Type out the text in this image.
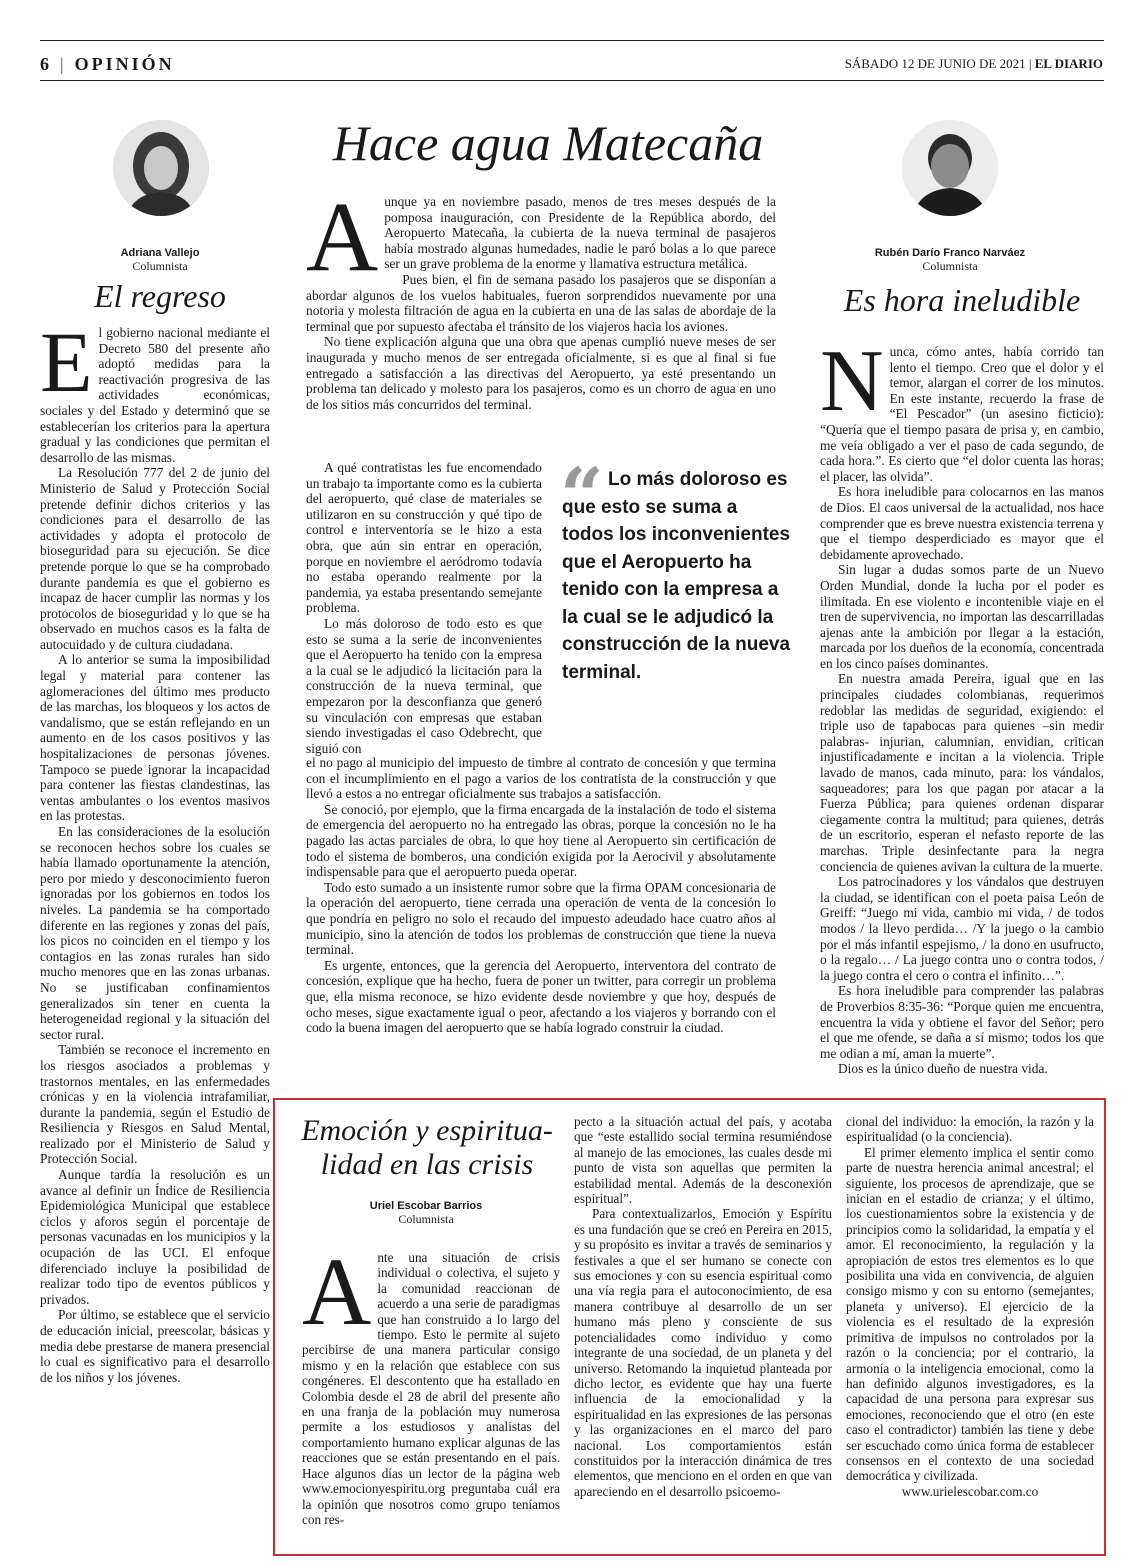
6 | OPINIÓN	SÁBADO 12 DE JUNIO DE 2021 | EL DIARIO
Adriana Vallejo
Columnista
El regreso

El gobierno nacional mediante el Decreto 580 del presente año adoptó medidas para la reactivación progresiva de las actividades económicas, sociales y del Estado y determinó que se establecerían los criterios para la apertura gradual y las condiciones que permitan el desarrollo de las mismas.

La Resolución 777 del 2 de junio del Ministerio de Salud y Protección Social pretende definir dichos criterios y las condiciones para el desarrollo de las actividades y adopta el protocolo de bioseguridad para su ejecución. Se dice pretende porque lo que se ha comprobado durante pandemia es que el gobierno es incapaz de hacer cumplir las normas y los protocolos de bioseguridad y lo que se ha observado en muchos casos es la falta de autocuidado y de cultura ciudadana.

A lo anterior se suma la imposibilidad legal y material para contener las aglomeraciones del último mes producto de las marchas, los bloqueos y los actos de vandalismo, que se están reflejando en un aumento en de los casos positivos y las hospitalizaciones de personas jóvenes. Tampoco se puede ignorar la incapacidad para contener las fiestas clandestinas, las ventas ambulantes o los eventos masivos en las protestas.

En las consideraciones de la esolución se reconocen hechos sobre los cuales se había llamado oportunamente la atención, pero por miedo y desconocimiento fueron ignoradas por los gobiernos en todos los niveles. La pandemia se ha comportado diferente en las regiones y zonas del país, los picos no coinciden en el tiempo y los contagios en las zonas rurales han sido mucho menores que en las zonas urbanas. No se justificaban confinamientos generalizados sin tener en cuenta la heterogeneidad regional y la situación del sector rural.

También se reconoce el incremento en los riesgos asociados a problemas y trastornos mentales, en las enfermedades crónicas y en la violencia intrafamiliar, durante la pandemia, según el Estudio de Resiliencia y Riesgos en Salud Mental, realizado por el Ministerio de Salud y Protección Social.

Aunque tardía la resolución es un avance al definir un Índice de Resiliencia Epidemiológica Municipal que establece ciclos y aforos según el porcentaje de personas vacunadas en los municipios y la ocupación de las UCI. El enfoque diferenciado incluye la posibilidad de realizar todo tipo de eventos públicos y privados.

Por último, se establece que el servicio de educación inicial, preescolar, básicas y media debe prestarse de manera presencial lo cual es significativo para el desarrollo de los niños y los jóvenes.

Hace agua Matecaña

Aunque ya en noviembre pasado, menos de tres meses después de la pomposa inauguración, con Presidente de la República abordo, del Aeropuerto Matecaña, la cubierta de la nueva terminal de pasajeros había mostrado algunas humedades, nadie le paró bolas a lo que parece ser un grave problema de la enorme y llamativa estructura metálica.

Pues bien, el fin de semana pasado los pasajeros que se disponían a abordar algunos de los vuelos habituales, fueron sorprendidos nuevamente por una notoria y molesta filtración de agua en la cubierta en una de las salas de abordaje de la terminal que por supuesto afectaba el tránsito de los viajeros hacia los aviones.

No tiene explicación alguna que una obra que apenas cumplió nueve meses de ser inaugurada y mucho menos de ser entregada oficialmente, si es que al final si fue entregado a satisfacción a las directivas del Aeropuerto, ya esté presentando un problema tan delicado y molesto para los pasajeros, como es un chorro de agua en uno de los sitios más concurridos del terminal.

A qué contratistas les fue encomendado un trabajo ta importante como es la cubierta del aeropuerto, qué clase de materiales se utilizaron en su construcción y qué tipo de control e interventoría se le hizo a esta obra, que aún sin entrar en operación, porque en noviembre el aeródromo todavía no estaba operando realmente por la pandemia, ya estaba presentando semejante problema.

Lo más doloroso de todo esto es que esto se suma a la serie de inconvenientes que el Aeropuerto ha tenido con la empresa a la cual se le adjudicó la licitación para la construcción de la nueva terminal, que empezaron por la desconfianza que generó su vinculación con empresas que estaban siendo investigadas el caso Odebrecht, que siguió con

“ Lo más doloroso es que esto se suma a todos los inconvenientes que el Aeropuerto ha tenido con la empresa a la cual se le adjudicó la construcción de la nueva terminal.

el no pago al municipio del impuesto de timbre al contrato de concesión y que termina con el incumplimiento en el pago a varios de los contratista de la construcción y que llevó a estos a no entregar oficialmente sus trabajos a satisfacción.

Se conoció, por ejemplo, que la firma encargada de la instalación de todo el sistema de emergencia del aeropuerto no ha entregado las obras, porque la concesión no le ha pagado las actas parciales de obra, lo que hoy tiene al Aeropuerto sin certificación de todo el sistema de bomberos, una condición exigida por la Aerocivil y absolutamente indispensable para que el aeropuerto pueda operar.

Todo esto sumado a un insistente rumor sobre que la firma OPAM concesionaria de la operación del aeropuerto, tiene cerrada una operación de venta de la concesión lo que pondría en peligro no solo el recaudo del impuesto adeudado hace cuatro años al municipio, sino la atención de todos los problemas de construcción que tiene la nueva terminal.

Es urgente, entonces, que la gerencia del Aeropuerto, interventora del contrato de concesión, explique que ha hecho, fuera de poner un twitter, para corregir un problema que, ella misma reconoce, se hizo evidente desde noviembre y que hoy, después de ocho meses, sigue exactamente igual o peor, afectando a los viajeros y borrando con el codo la buena imagen del aeropuerto que se había logrado construir la ciudad.

Rubén Darío Franco Narváez
Columnista
Es hora ineludible

Nunca, cómo antes, había corrido tan lento el tiempo. Creo que el dolor y el temor, alargan el correr de los minutos. En este instante, recuerdo la frase de “El Pescador” (un asesino ficticio): “Quería que el tiempo pasara de prisa y, en cambio, me veía obligado a ver el paso de cada segundo, de cada hora.”. Es cierto que “el dolor cuenta las horas; el placer, las olvida”.

Es hora ineludible para colocarnos en las manos de Dios. El caos universal de la actualidad, nos hace comprender que es breve nuestra existencia terrena y que el tiempo desperdiciado es mayor que el debidamente aprovechado.

Sin lugar a dudas somos parte de un Nuevo Orden Mundial, donde la lucha por el poder es ilimitada. En ese violento e incontenible viaje en el tren de supervivencia, no importan las descarrilladas ajenas ante la ambición por llegar a la estación, marcada por los dueños de la economía, concentrada en los cinco países dominantes.

En nuestra amada Pereira, igual que en las principales ciudades colombianas, requerimos redoblar las medidas de seguridad, exigiendo: el triple uso de tapabocas para quienes –sin medir palabras- injurian, calumnian, envidian, critican injustificadamente e incitan a la violencia. Triple lavado de manos, cada minuto, para: los vándalos, saqueadores; para los que pagan por atacar a la Fuerza Pública; para quienes ordenan disparar ciegamente contra la multitud; para quienes, detrás de un escritorio, esperan el nefasto reporte de las marchas. Triple desinfectante para la negra conciencia de quienes avivan la cultura de la muerte.

Los patrocinadores y los vándalos que destruyen la ciudad, se identifican con el poeta paisa León de Greiff: “Juego mi vida, cambio mi vida, / de todos modos / la llevo perdida… /Y la juego o la cambio por el más infantil espejismo, / la dono en usufructo, o la regalo… / La juego contra uno o contra todos, / la juego contra el cero o contra el infinito…”.

Es hora ineludible para comprender las palabras de Proverbios 8:35-36: “Porque quien me encuentra, encuentra la vida y obtiene el favor del Señor; pero el que me ofende, se daña a sí mismo; todos los que me odian a mí, aman la muerte”.

Dios es la único dueño de nuestra vida.

Emoción y espiritua-
lidad en las crisis
Uriel Escobar Barrios
Columnista

Ante una situación de crisis individual o colectiva, el sujeto y la comunidad reaccionan de acuerdo a una serie de paradigmas que han construido a lo largo del tiempo. Esto le permite al sujeto percibirse de una manera particular consigo mismo y en la relación que establece con sus congéneres. El descontento que ha estallado en Colombia desde el 28 de abril del presente año en una franja de la población muy numerosa permite a los estudiosos y analistas del comportamiento humano explicar algunas de las reacciones que se están presentando en el país. Hace algunos días un lector de la página web www.emocionyespiritu.org preguntaba cuál era la opinión que nosotros como grupo teníamos con res-

pecto a la situación actual del país, y acotaba que “este estallido social termina resumiéndose al manejo de las emociones, las cuales desde mi punto de vista son aquellas que permiten la estabilidad mental. Además de la desconexión espiritual”.

Para contextualizarlos, Emoción y Espíritu es una fundación que se creó en Pereira en 2015, y su propósito es invitar a través de seminarios y festivales a que el ser humano se conecte con sus emociones y con su esencia espiritual como una vía regia para el autoconocimiento, de esa manera contribuye al desarrollo de un ser humano más pleno y consciente de sus potencialidades como individuo y como integrante de una sociedad, de un planeta y del universo. Retomando la inquietud planteada por dicho lector, es evidente que hay una fuerte influencia de la emocionalidad y la espiritualidad en las expresiones de las personas y las organizaciones en el marco del paro nacional. Los comportamientos están constituidos por la interacción dinámica de tres elementos, que menciono en el orden en que van apareciendo en el desarrollo psicoemo-

cional del individuo: la emoción, la razón y la espiritualidad (o la conciencia).

El primer elemento implica el sentir como parte de nuestra herencia animal ancestral; el siguiente, los procesos de aprendizaje, que se inician en el estadio de crianza; y el último, los cuestionamientos sobre la existencia y de principios como la solidaridad, la empatía y el amor. El reconocimiento, la regulación y la apropiación de estos tres elementos es lo que posibilita una vida en convivencia, de alguien consigo mismo y con su entorno (semejantes, planeta y universo). El ejercicio de la violencia es el resultado de la expresión primitiva de impulsos no controlados por la razón o la conciencia; por el contrario, la armonía o la inteligencia emocional, como la han definido algunos investigadores, es la capacidad de una persona para expresar sus emociones, reconociendo que el otro (en este caso el contradictor) también las tiene y debe ser escuchado como única forma de establecer consensos en el contexto de una sociedad democrática y civilizada.

www.urielescobar.com.co
